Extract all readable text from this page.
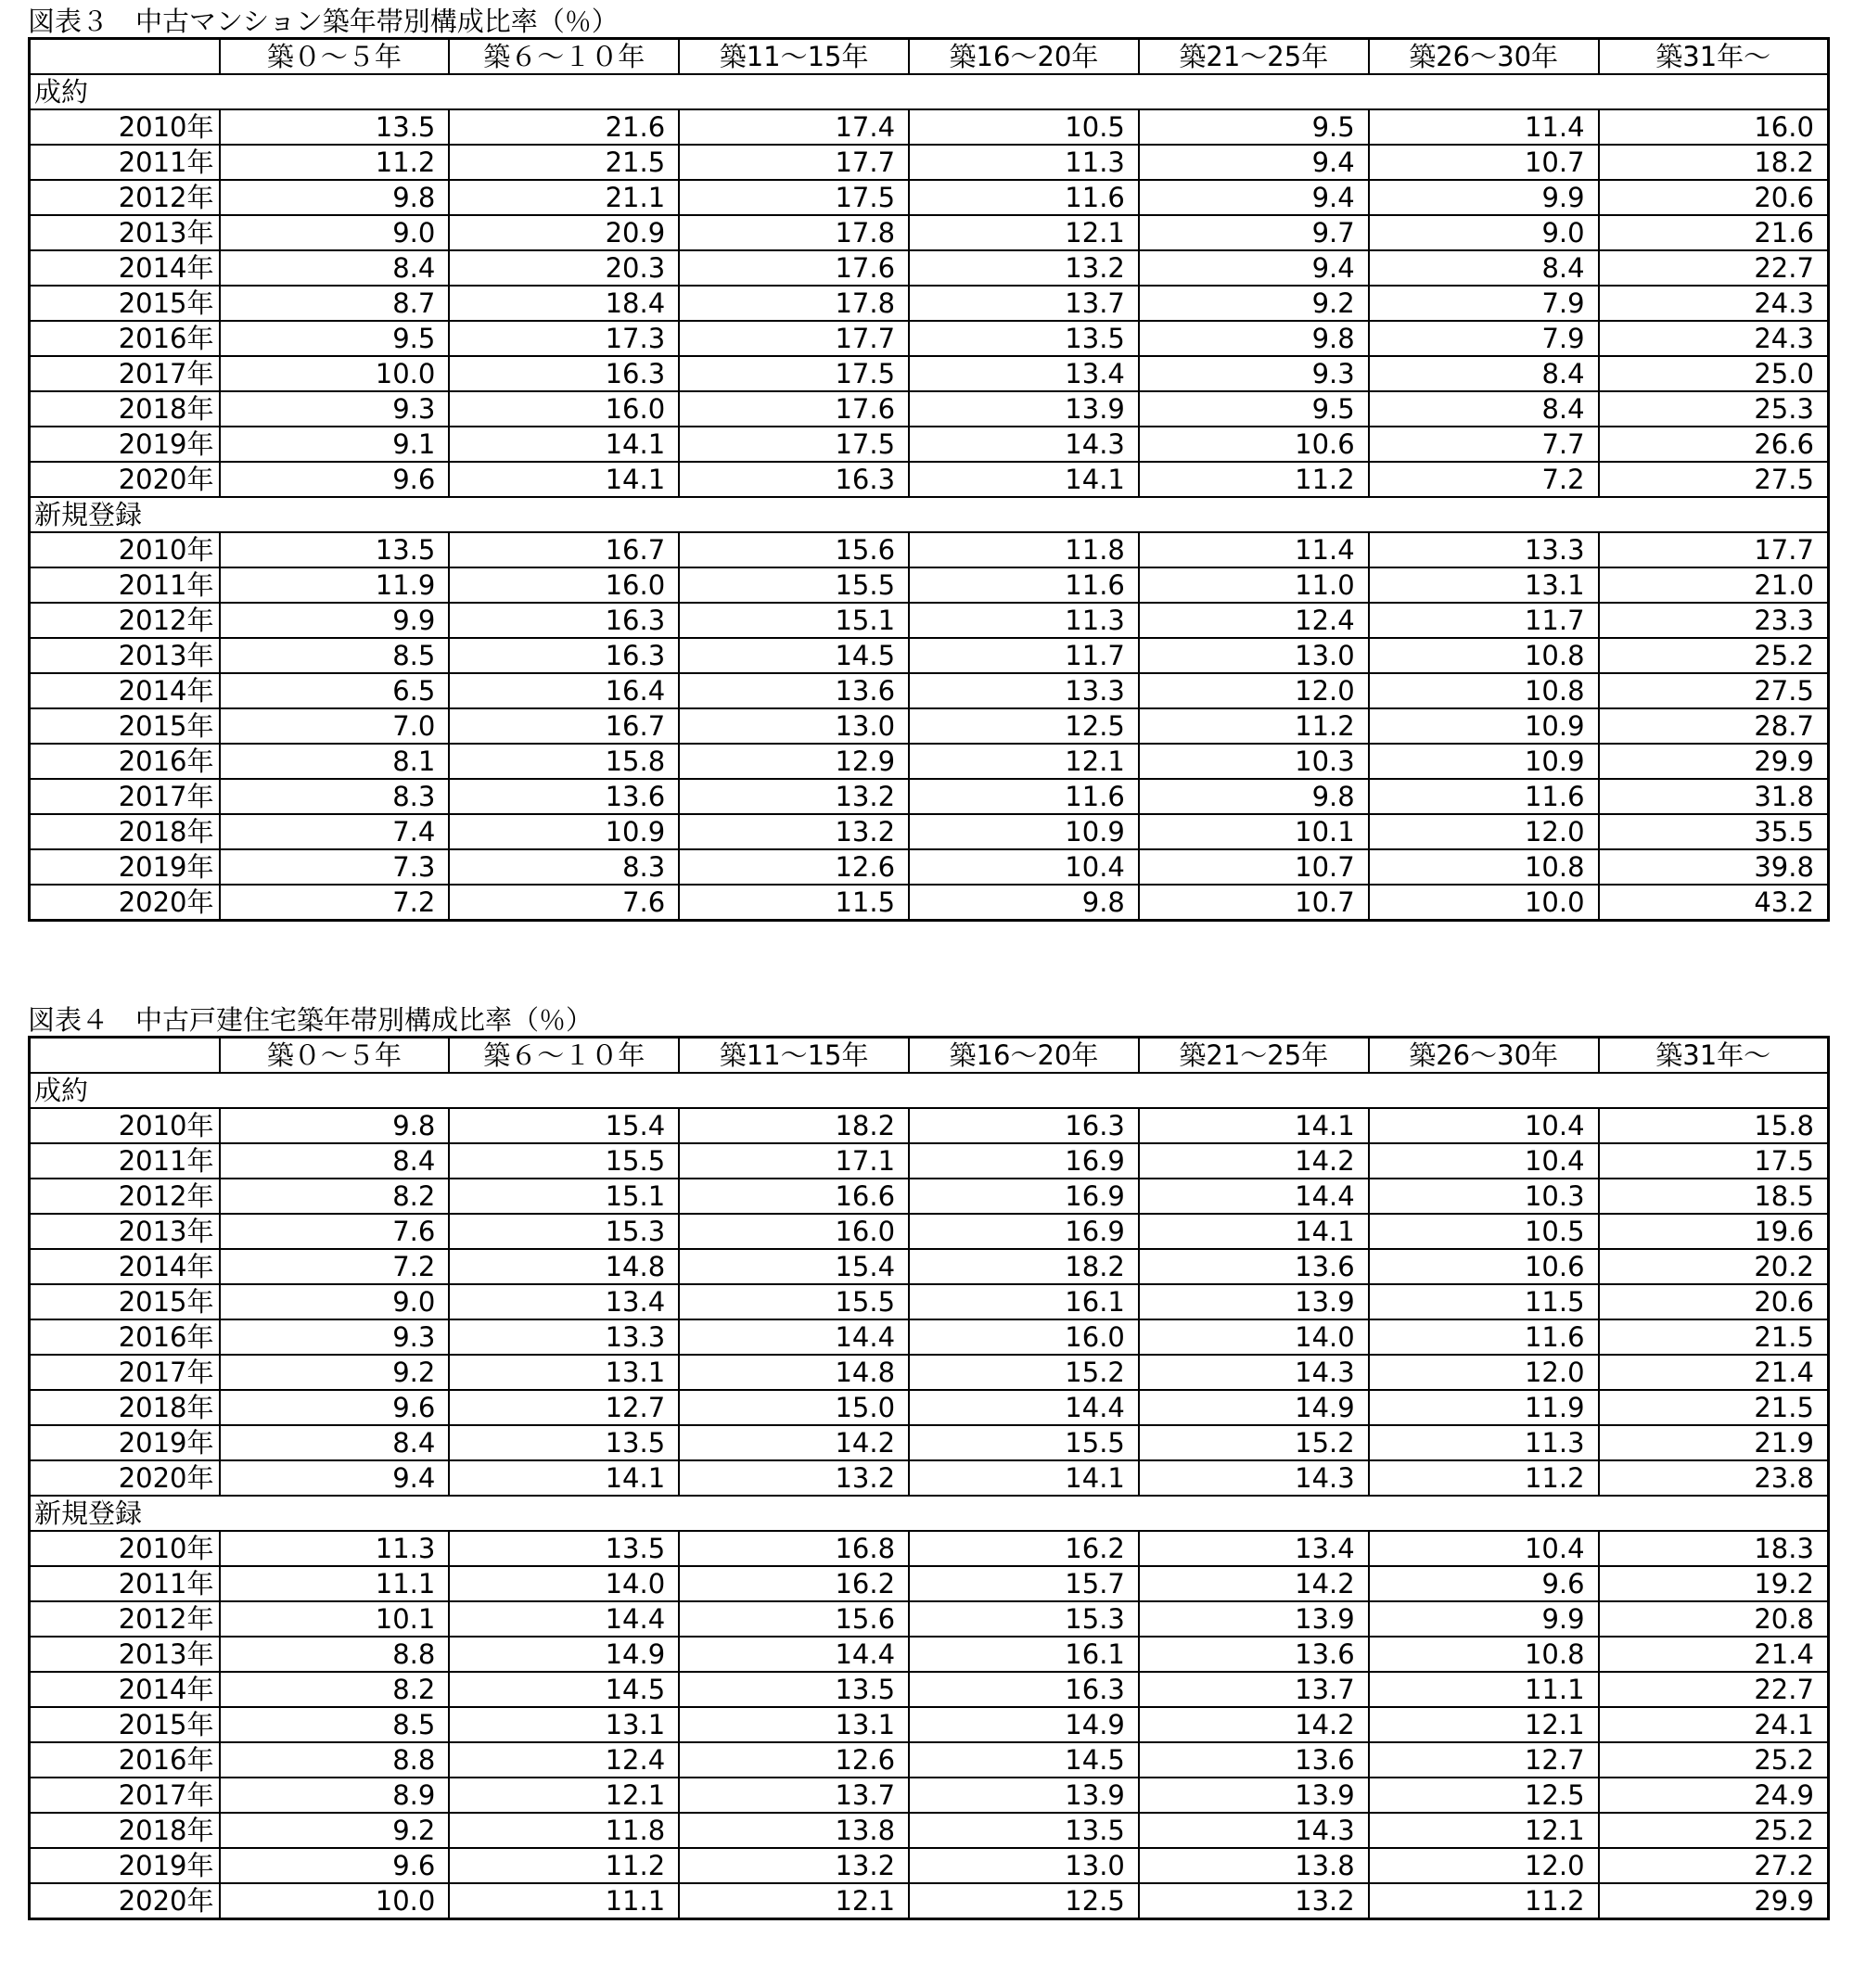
図表３　中古マンション築年帯別構成比率（％）
	築０～５年	築６～１０年	築11～15年	築16～20年	築21～25年	築26～30年	築31年～
成約							
2010年	13.5	21.6	17.4	10.5	9.5	11.4	16.0
2011年	11.2	21.5	17.7	11.3	9.4	10.7	18.2
2012年	9.8	21.1	17.5	11.6	9.4	9.9	20.6
2013年	9.0	20.9	17.8	12.1	9.7	9.0	21.6
2014年	8.4	20.3	17.6	13.2	9.4	8.4	22.7
2015年	8.7	18.4	17.8	13.7	9.2	7.9	24.3
2016年	9.5	17.3	17.7	13.5	9.8	7.9	24.3
2017年	10.0	16.3	17.5	13.4	9.3	8.4	25.0
2018年	9.3	16.0	17.6	13.9	9.5	8.4	25.3
2019年	9.1	14.1	17.5	14.3	10.6	7.7	26.6
2020年	9.6	14.1	16.3	14.1	11.2	7.2	27.5
新規登録							
2010年	13.5	16.7	15.6	11.8	11.4	13.3	17.7
2011年	11.9	16.0	15.5	11.6	11.0	13.1	21.0
2012年	9.9	16.3	15.1	11.3	12.4	11.7	23.3
2013年	8.5	16.3	14.5	11.7	13.0	10.8	25.2
2014年	6.5	16.4	13.6	13.3	12.0	10.8	27.5
2015年	7.0	16.7	13.0	12.5	11.2	10.9	28.7
2016年	8.1	15.8	12.9	12.1	10.3	10.9	29.9
2017年	8.3	13.6	13.2	11.6	9.8	11.6	31.8
2018年	7.4	10.9	13.2	10.9	10.1	12.0	35.5
2019年	7.3	8.3	12.6	10.4	10.7	10.8	39.8
2020年	7.2	7.6	11.5	9.8	10.7	10.0	43.2
図表４　中古戸建住宅築年帯別構成比率（％）
	築０～５年	築６～１０年	築11～15年	築16～20年	築21～25年	築26～30年	築31年～
成約							
2010年	9.8	15.4	18.2	16.3	14.1	10.4	15.8
2011年	8.4	15.5	17.1	16.9	14.2	10.4	17.5
2012年	8.2	15.1	16.6	16.9	14.4	10.3	18.5
2013年	7.6	15.3	16.0	16.9	14.1	10.5	19.6
2014年	7.2	14.8	15.4	18.2	13.6	10.6	20.2
2015年	9.0	13.4	15.5	16.1	13.9	11.5	20.6
2016年	9.3	13.3	14.4	16.0	14.0	11.6	21.5
2017年	9.2	13.1	14.8	15.2	14.3	12.0	21.4
2018年	9.6	12.7	15.0	14.4	14.9	11.9	21.5
2019年	8.4	13.5	14.2	15.5	15.2	11.3	21.9
2020年	9.4	14.1	13.2	14.1	14.3	11.2	23.8
新規登録							
2010年	11.3	13.5	16.8	16.2	13.4	10.4	18.3
2011年	11.1	14.0	16.2	15.7	14.2	9.6	19.2
2012年	10.1	14.4	15.6	15.3	13.9	9.9	20.8
2013年	8.8	14.9	14.4	16.1	13.6	10.8	21.4
2014年	8.2	14.5	13.5	16.3	13.7	11.1	22.7
2015年	8.5	13.1	13.1	14.9	14.2	12.1	24.1
2016年	8.8	12.4	12.6	14.5	13.6	12.7	25.2
2017年	8.9	12.1	13.7	13.9	13.9	12.5	24.9
2018年	9.2	11.8	13.8	13.5	14.3	12.1	25.2
2019年	9.6	11.2	13.2	13.0	13.8	12.0	27.2
2020年	10.0	11.1	12.1	12.5	13.2	11.2	29.9
